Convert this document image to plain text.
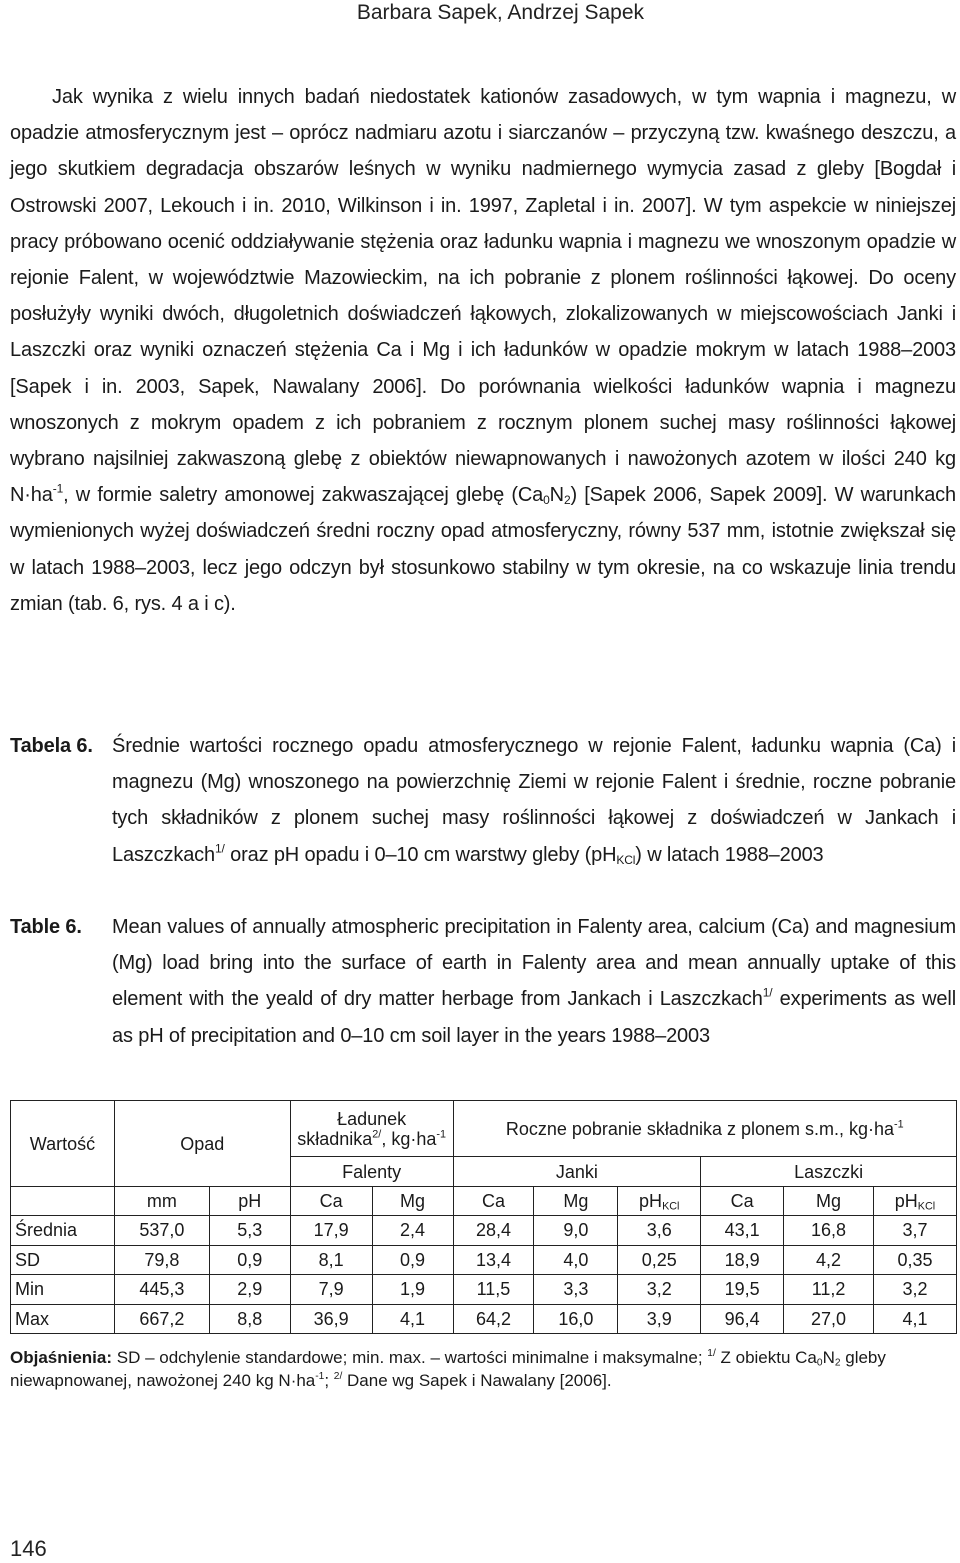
Barbara Sapek, Andrzej Sapek

Jak wynika z wielu innych badań niedostatek kationów zasadowych, w tym wapnia i magnezu, w opadzie atmosferycznym jest – oprócz nadmiaru azotu i siarczanów – przyczyną tzw. kwaśnego deszczu, a jego skutkiem degradacja obszarów leśnych w wyniku nadmiernego wymycia zasad z gleby [Bogdał i Ostrowski 2007, Lekouch i in. 2010, Wilkinson i in. 1997, Zapletal i in. 2007]. W tym aspekcie w niniejszej pracy próbowano ocenić oddziaływanie stężenia oraz ładunku wapnia i magnezu we wnoszonym opadzie w rejonie Falent, w województwie Mazowieckim, na ich pobranie z plonem roślinności łąkowej. Do oceny posłużyły wyniki dwóch, długoletnich doświadczeń łąkowych, zlokalizowanych w miejscowościach Janki i Laszczki oraz wyniki oznaczeń stężenia Ca i Mg i ich ładunków w opadzie mokrym w latach 1988–2003 [Sapek i in. 2003, Sapek, Nawalany 2006]. Do porównania wielkości ładunków wapnia i magnezu wnoszonych z mokrym opadem z ich pobraniem z rocznym plonem suchej masy roślinności łąkowej wybrano najsilniej zakwaszoną glebę z obiektów niewapnowanych i nawożonych azotem w ilości 240 kg $N\cdot ha^{-1}$, w formie saletry amonowej zakwaszającej glebę $(Ca_0N_2)$ [Sapek 2006, Sapek 2009]. W warunkach wymienionych wyżej doświadczeń średni roczny opad atmosferyczny, równy 537 mm, istotnie zwiększał się w latach 1988–2003, lecz jego odczyn był stosunkowo stabilny w tym okresie, na co wskazuje linia trendu zmian (tab. 6, rys. 4 a i c).

Tabela 6. Średnie wartości rocznego opadu atmosferycznego w rejonie Falent, ładunku wapnia (Ca) i magnezu (Mg) wnoszonego na powierzchnię Ziemi w rejonie Falent i średnie, roczne pobranie tych składników z plonem suchej masy roślinności łąkowej z doświadczeń w Jankach i Laszczkach$^{1/}$ oraz pH opadu i 0–10 cm warstwy gleby $(pH_{KCl})$ w latach 1988–2003
Table 6.	Mean values of annually atmospheric precipitation in Falenty area, calcium (Ca) and magnesium (Mg) load bring into the surface of earth in Falenty area and mean annually uptake of this element with the yeald of dry matter herbage from Jankach i Laszczkach$^{1/}$ experiments as well as pH of precipitation and 0–10 cm soil layer in the years 1988–2003
Wartość	Opad		Ładunek składnika$^{2/}$, $kg\cdot ha^{-1}$		Roczne pobranie składnika z plonem s.m., $kg\cdot ha^{-1}$
			Falenty		Janki			Laszczki		
	mm	pH	Ca	Mg	Ca	Mg	$pH_{KCl}$	Ca	Mg	$pH_{KCl}$
Średnia	537,0	5,3	17,9	2,4	28,4	9,0	3,6	43,1	16,8	3,7
SD	79,8	0,9	8,1	0,9	13,4	4,0	0,25	18,9	4,2	0,35
Min	445,3	2,9	7,9	1,9	11,5	3,3	3,2	19,5	11,2	3,2
Max	667,2	8,8	36,9	4,1	64,2	16,0	3,9	96,4	27,0	4,1
Objaśnienia: SD – odchylenie standardowe; min. max. – wartości minimalne i maksymalne; $^{1/}$ Z obiektu $Ca_0N_2$ gleby niewapnowanej, nawożonej 240 kg $N\cdot ha^{-1}$; $^{2/}$ Dane wg Sapek i Nawalany [2006].
146
